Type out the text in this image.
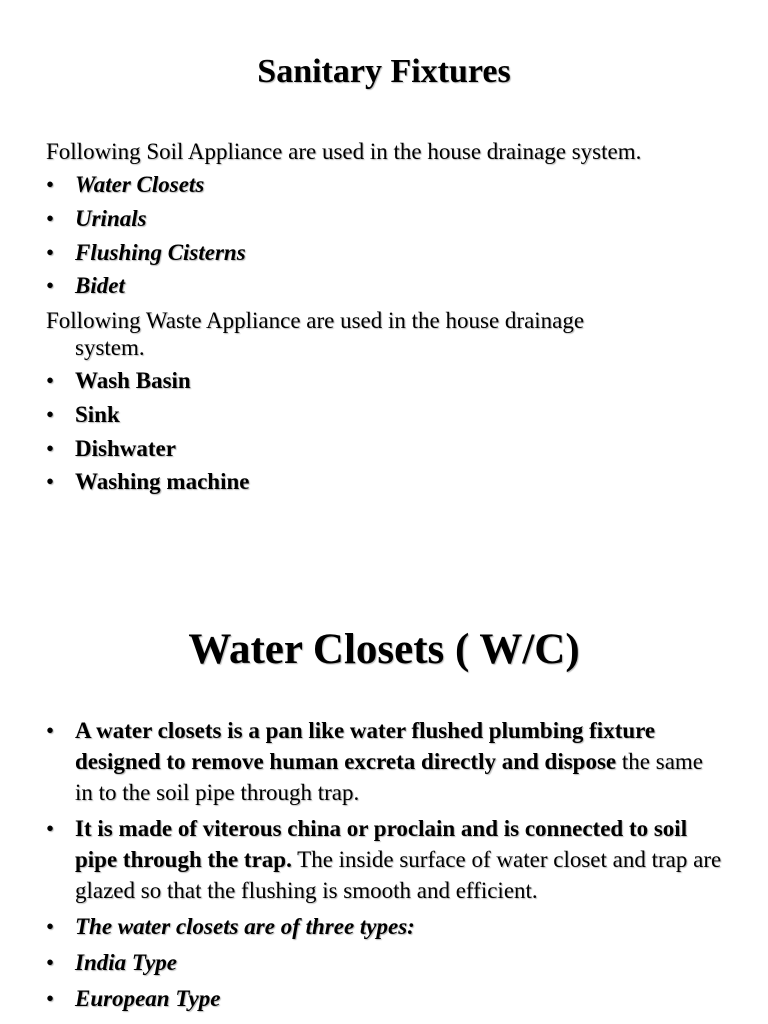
Sanitary Fixtures
Following Soil Appliance are used in the house drainage system.
• Water Closets
• Urinals
• Flushing Cisterns
• Bidet
Following Waste Appliance are used in the house drainage
system.
• Wash Basin
• Sink
• Dishwater
• Washing machine
Water Closets ( W/C)
• A water closets is a pan like water flushed plumbing fixture designed to remove human excreta directly and dispose the same in to the soil pipe through trap.
• It is made of viterous china or proclain and is connected to soil pipe through the trap. The inside surface of water closet and trap are glazed so that the flushing is smooth and efficient.
• The water closets are of three types:
• India Type
• European Type
